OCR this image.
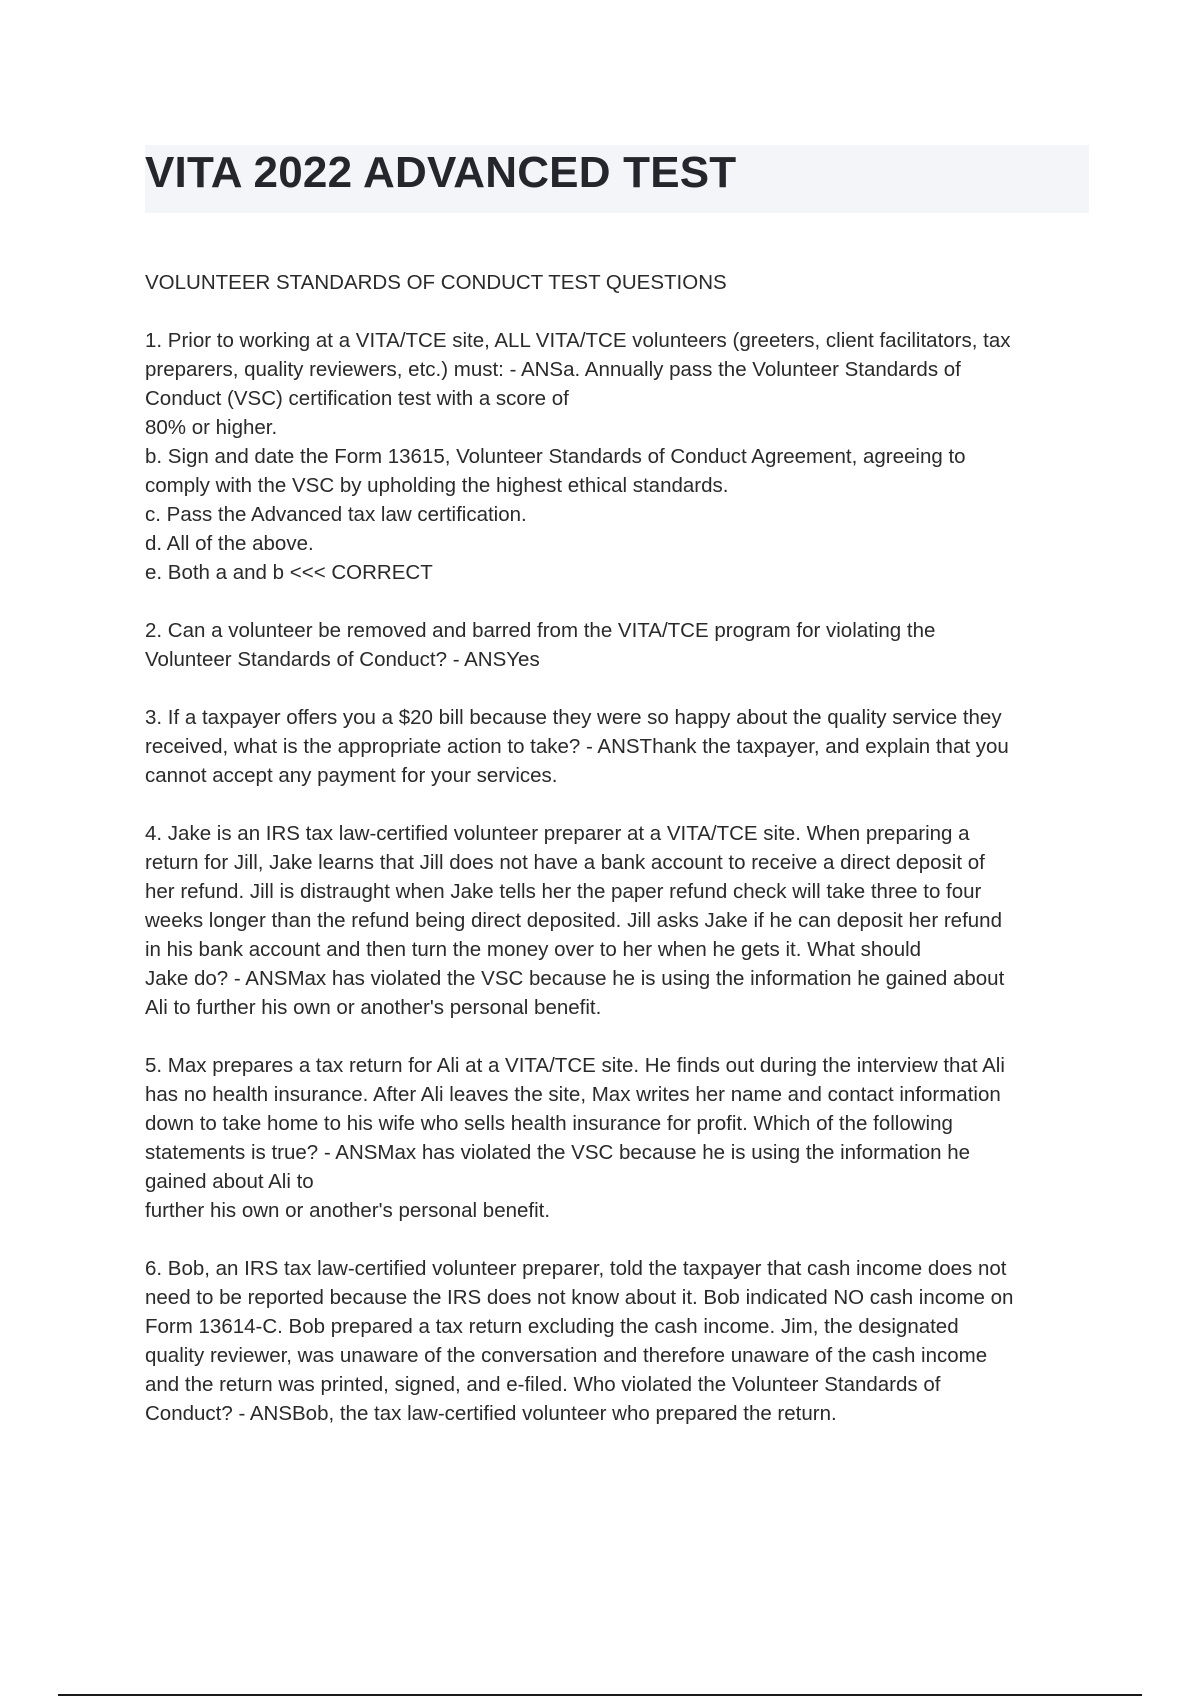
VITA 2022 ADVANCED TEST

VOLUNTEER STANDARDS OF CONDUCT TEST QUESTIONS

1. Prior to working at a VITA/TCE site, ALL VITA/TCE volunteers (greeters, client facilitators, tax

preparers, quality reviewers, etc.) must: - ANSa. Annually pass the Volunteer Standards of

Conduct (VSC) certification test with a score of

80% or higher.

b. Sign and date the Form 13615, Volunteer Standards of Conduct Agreement, agreeing to

comply with the VSC by upholding the highest ethical standards.

c. Pass the Advanced tax law certification.

d. All of the above.

e. Both a and b <<< CORRECT

2. Can a volunteer be removed and barred from the VITA/TCE program for violating the

Volunteer Standards of Conduct? - ANSYes

3. If a taxpayer offers you a $20 bill because they were so happy about the quality service they

received, what is the appropriate action to take? - ANSThank the taxpayer, and explain that you

cannot accept any payment for your services.

4. Jake is an IRS tax law-certified volunteer preparer at a VITA/TCE site. When preparing a

return for Jill, Jake learns that Jill does not have a bank account to receive a direct deposit of

her refund. Jill is distraught when Jake tells her the paper refund check will take three to four

weeks longer than the refund being direct deposited. Jill asks Jake if he can deposit her refund

in his bank account and then turn the money over to her when he gets it. What should

Jake do? - ANSMax has violated the VSC because he is using the information he gained about

Ali to further his own or another's personal benefit.

5. Max prepares a tax return for Ali at a VITA/TCE site. He finds out during the interview that Ali

has no health insurance. After Ali leaves the site, Max writes her name and contact information

down to take home to his wife who sells health insurance for profit. Which of the following

statements is true? - ANSMax has violated the VSC because he is using the information he

gained about Ali to

further his own or another's personal benefit.

6. Bob, an IRS tax law-certified volunteer preparer, told the taxpayer that cash income does not

need to be reported because the IRS does not know about it. Bob indicated NO cash income on

Form 13614-C. Bob prepared a tax return excluding the cash income. Jim, the designated

quality reviewer, was unaware of the conversation and therefore unaware of the cash income

and the return was printed, signed, and e-filed. Who violated the Volunteer Standards of

Conduct? - ANSBob, the tax law-certified volunteer who prepared the return.
